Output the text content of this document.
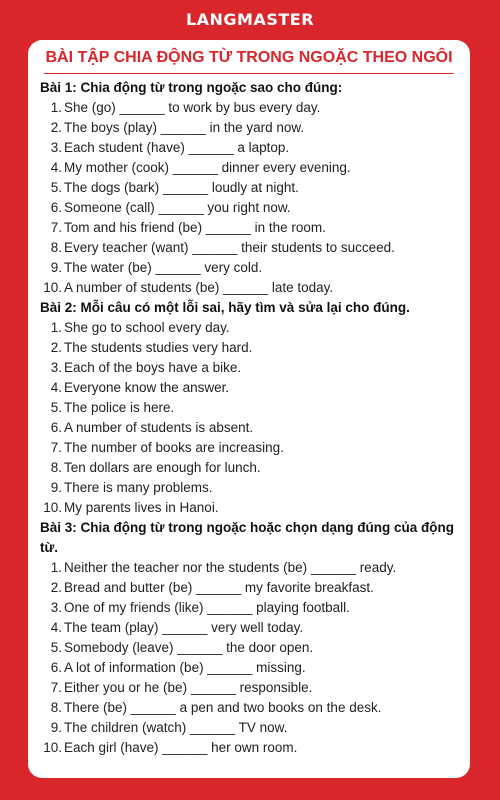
LANGMASTER
BÀI TẬP CHIA ĐỘNG TỪ TRONG NGOẶC THEO NGÔI

Bài 1: Chia động từ trong ngoặc sao cho đúng:

1. She (go) ______ to work by bus every day.
2. The boys (play) ______ in the yard now.
3. Each student (have) ______ a laptop.
4. My mother (cook) ______ dinner every evening.
5. The dogs (bark) ______ loudly at night.
6. Someone (call) ______ you right now.
7. Tom and his friend (be) ______ in the room.
8. Every teacher (want) ______ their students to succeed.
9. The water (be) ______ very cold.
10. A number of students (be) ______ late today.

Bài 2: Mỗi câu có một lỗi sai, hãy tìm và sửa lại cho đúng.

1. She go to school every day.
2. The students studies very hard.
3. Each of the boys have a bike.
4. Everyone know the answer.
5. The police is here.
6. A number of students is absent.
7. The number of books are increasing.
8. Ten dollars are enough for lunch.
9. There is many problems.
10. My parents lives in Hanoi.

Bài 3: Chia động từ trong ngoặc hoặc chọn dạng đúng của động từ.

1. Neither the teacher nor the students (be) ______ ready.
2. Bread and butter (be) ______ my favorite breakfast.
3. One of my friends (like) ______ playing football.
4. The team (play) ______ very well today.
5. Somebody (leave) ______ the door open.
6. A lot of information (be) ______ missing.
7. Either you or he (be) ______ responsible.
8. There (be) ______ a pen and two books on the desk.
9. The children (watch) ______ TV now.
10. Each girl (have) ______ her own room.
